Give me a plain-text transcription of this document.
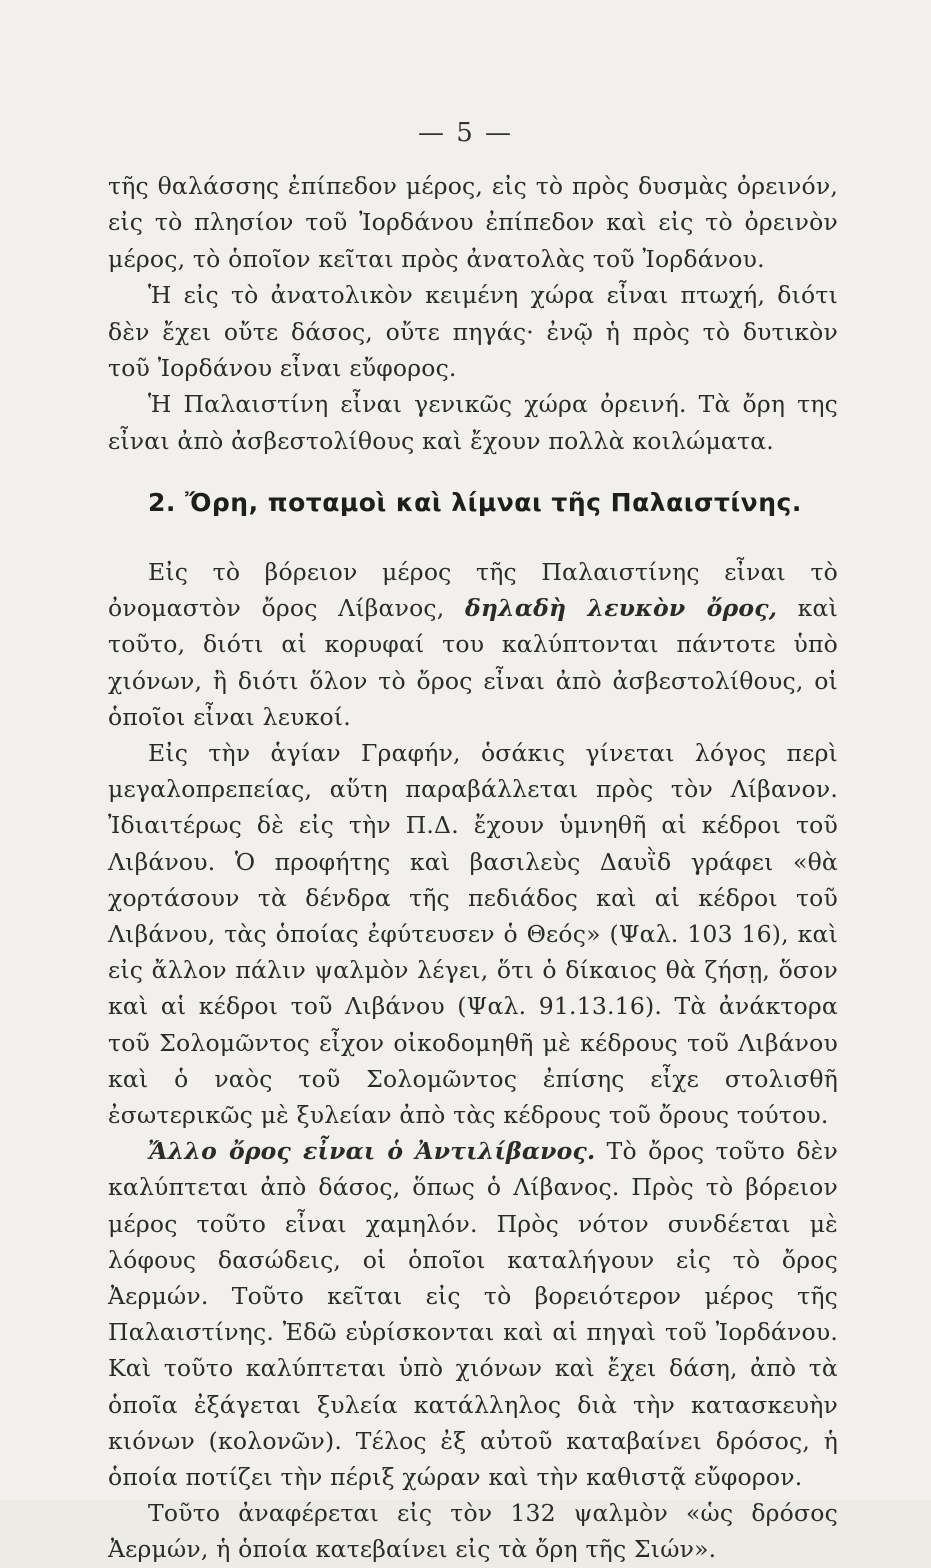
— 5 —

τῆς θαλάσσης ἐπίπεδον μέρος, εἰς τὸ πρὸς δυσμὰς ὀρεινόν, εἰς τὸ πλησίον τοῦ Ἰορδάνου ἐπίπεδον καὶ εἰς τὸ ὀρεινὸν μέρος, τὸ ὁποῖον κεῖται πρὸς ἀνατολὰς τοῦ Ἰορδάνου.

Ἡ εἰς τὸ ἀνατολικὸν κειμένη χώρα εἶναι πτωχή, διότι δὲν ἔχει οὔτε δάσος, οὔτε πηγάς· ἐνῷ ἡ πρὸς τὸ δυτικὸν τοῦ Ἰορδάνου εἶναι εὔφορος.

Ἡ Παλαιστίνη εἶναι γενικῶς χώρα ὀρεινή. Τὰ ὄρη της εἶναι ἀπὸ ἀσβεστολίθους καὶ ἔχουν πολλὰ κοιλώματα.

2. Ὄρη, ποταμοὶ καὶ λίμναι τῆς Παλαιστίνης.

Εἰς τὸ βόρειον μέρος τῆς Παλαιστίνης εἶναι τὸ ὀνομαστὸν ὄρος Λίβανος, δηλαδὴ λευκὸν ὄρος, καὶ τοῦτο, διότι αἱ κορυφαί του καλύπτονται πάντοτε ὑπὸ χιόνων, ἢ διότι ὅλον τὸ ὄρος εἶναι ἀπὸ ἀσβεστολίθους, οἱ ὁποῖοι εἶναι λευκοί.

Εἰς τὴν ἁγίαν Γραφήν, ὁσάκις γίνεται λόγος περὶ μεγαλοπρεπείας, αὕτη παραβάλλεται πρὸς τὸν Λίβανον. Ἰδιαιτέρως δὲ εἰς τὴν Π.Δ. ἔχουν ὑμνηθῆ αἱ κέδροι τοῦ Λιβάνου. Ὁ προφήτης καὶ βασιλεὺς Δαυῒδ γράφει «θὰ χορτάσουν τὰ δένδρα τῆς πεδιάδος καὶ αἱ κέδροι τοῦ Λιβάνου, τὰς ὁποίας ἐφύτευσεν ὁ Θεός» (Ψαλ. 103 16), καὶ εἰς ἄλλον πάλιν ψαλμὸν λέγει, ὅτι ὁ δίκαιος θὰ ζήσῃ, ὅσον καὶ αἱ κέδροι τοῦ Λιβάνου (Ψαλ. 91.13.16). Τὰ ἀνάκτορα τοῦ Σολομῶντος εἶχον οἰκοδομηθῆ μὲ κέδρους τοῦ Λιβάνου καὶ ὁ ναὸς τοῦ Σολομῶντος ἐπίσης εἶχε στολισθῆ ἐσωτερικῶς μὲ ξυλείαν ἀπὸ τὰς κέδρους τοῦ ὄρους τούτου.

Ἄλλο ὄρος εἶναι ὁ Ἀντιλίβανος. Τὸ ὄρος τοῦτο δὲν καλύπτεται ἀπὸ δάσος, ὅπως ὁ Λίβανος. Πρὸς τὸ βόρειον μέρος τοῦτο εἶναι χαμηλόν. Πρὸς νότον συνδέεται μὲ λόφους δασώδεις, οἱ ὁποῖοι καταλήγουν εἰς τὸ ὄρος Ἀερμών. Τοῦτο κεῖται εἰς τὸ βορειότερον μέρος τῆς Παλαιστίνης. Ἐδῶ εὑρίσκονται καὶ αἱ πηγαὶ τοῦ Ἰορδάνου. Καὶ τοῦτο καλύπτεται ὑπὸ χιόνων καὶ ἔχει δάση, ἀπὸ τὰ ὁποῖα ἐξάγεται ξυλεία κατάλληλος διὰ τὴν κατασκευὴν κιόνων (κολονῶν). Τέλος ἐξ αὐτοῦ καταβαίνει δρόσος, ἡ ὁποία ποτίζει τὴν πέριξ χώραν καὶ τὴν καθιστᾷ εὔφορον.

Τοῦτο ἀναφέρεται εἰς τὸν 132 ψαλμὸν «ὡς δρόσος Ἀερμών, ἡ ὁποία κατεβαίνει εἰς τὰ ὄρη τῆς Σιών».
